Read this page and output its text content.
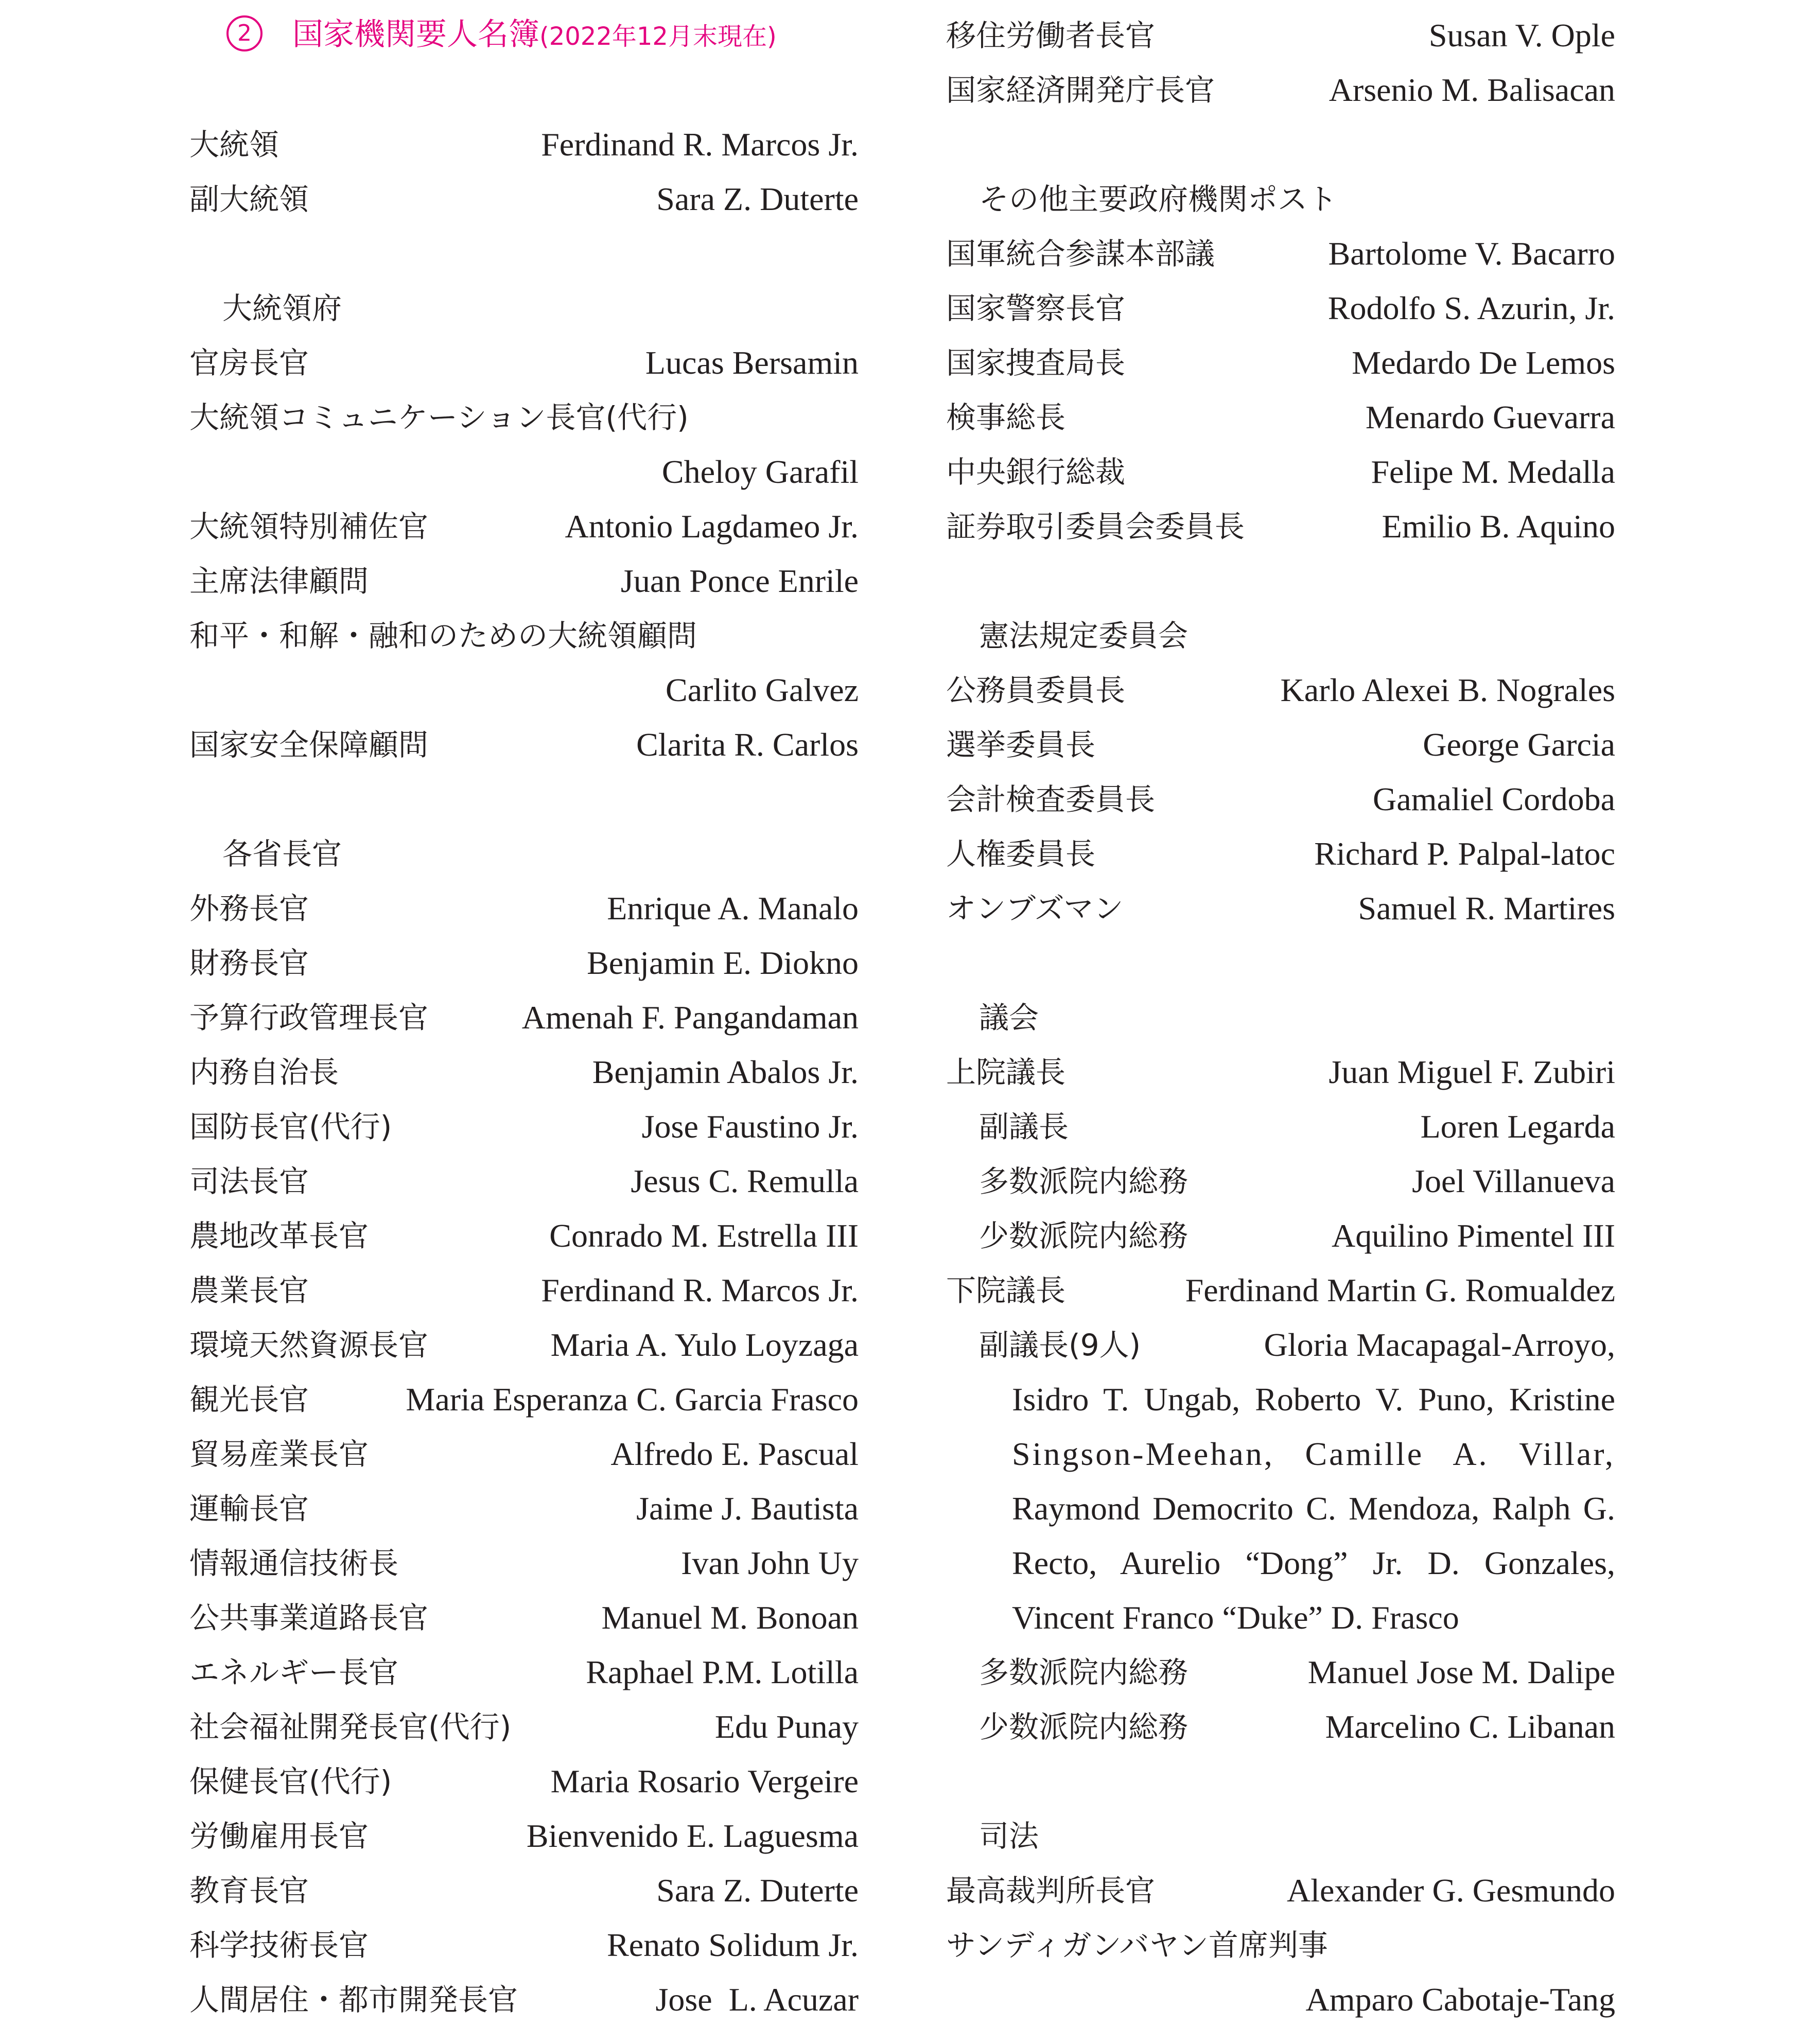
2 国家機関要人名簿(2022年12月末現在)
大統領	Ferdinand R. Marcos Jr.
副大統領	Sara Z. Duterte
大統領府
官房長官	Lucas Bersamin
大統領コミュニケーション長官(代行)
Cheloy Garafil
大統領特別補佐官	Antonio Lagdameo Jr.
主席法律顧問	Juan Ponce Enrile
和平・和解・融和のための大統領顧問
Carlito Galvez
国家安全保障顧問	Clarita R. Carlos
各省長官
外務長官	Enrique A. Manalo
財務長官	Benjamin E. Diokno
予算行政管理長官	Amenah F. Pangandaman
内務自治長	Benjamin Abalos Jr.
国防長官(代行)	Jose Faustino Jr.
司法長官	Jesus C. Remulla
農地改革長官	Conrado M. Estrella III
農業長官	Ferdinand R. Marcos Jr.
環境天然資源長官	Maria A. Yulo Loyzaga
観光長官	Maria Esperanza C. Garcia Frasco
貿易産業長官	Alfredo E. Pascual
運輸長官	Jaime J. Bautista
情報通信技術長	Ivan John Uy
公共事業道路長官	Manuel M. Bonoan
エネルギー長官	Raphael P.M. Lotilla
社会福祉開発長官(代行)	Edu Punay
保健長官(代行)	Maria Rosario Vergeire
労働雇用長官	Bienvenido E. Laguesma
教育長官	Sara Z. Duterte
科学技術長官	Renato Solidum Jr.
人間居住・都市開発長官	Jose  L. Acuzar
移住労働者長官	Susan V. Ople
国家経済開発庁長官	Arsenio M. Balisacan
その他主要政府機関ポスト
国軍統合参謀本部議	Bartolome V. Bacarro
国家警察長官	Rodolfo S. Azurin, Jr.
国家捜査局長	Medardo De Lemos
検事総長	Menardo Guevarra
中央銀行総裁	Felipe M. Medalla
証券取引委員会委員長	Emilio B. Aquino
憲法規定委員会
公務員委員長	Karlo Alexei B. Nograles
選挙委員長	George Garcia
会計検査委員長	Gamaliel Cordoba
人権委員長	Richard P. Palpal-latoc
オンブズマン	Samuel R. Martires
議会
上院議長	Juan Miguel F. Zubiri
副議長	Loren Legarda
多数派院内総務	Joel Villanueva
少数派院内総務	Aquilino Pimentel III
下院議長	Ferdinand Martin G. Romualdez
副議長(9人)	Gloria Macapagal-Arroyo,
Isidro T. Ungab, Roberto V. Puno, Kristine
Singson-Meehan, Camille A. Villar,
Raymond Democrito C. Mendoza, Ralph G.
Recto, Aurelio “Dong” Jr. D. Gonzales,
Vincent Franco “Duke” D. Frasco
多数派院内総務	Manuel Jose M. Dalipe
少数派院内総務	Marcelino C. Libanan
司法
最高裁判所長官	Alexander G. Gesmundo
サンディガンバヤン首席判事
Amparo Cabotaje-Tang
